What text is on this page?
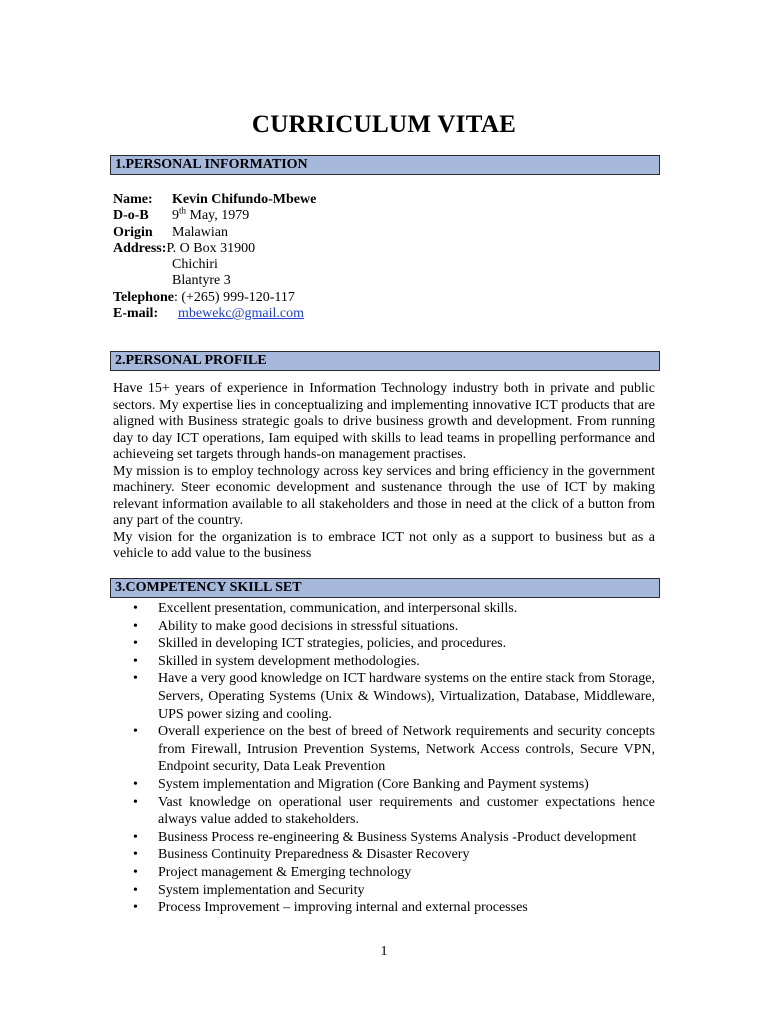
CURRICULUM VITAE
1.PERSONAL INFORMATION
Name: Kevin Chifundo-Mbewe
D-o-B 9th May, 1979
Origin Malawian
Address:P. O Box 31900
Chichiri
Blantyre 3
Telephone: (+265) 999-120-117
E-mail: mbewekc@gmail.com
2.PERSONAL PROFILE

Have 15+ years of experience in Information Technology industry both in private and public sectors. My expertise lies in conceptualizing and implementing innovative ICT products that are aligned with Business strategic goals to drive business growth and development. From running day to day ICT operations, Iam equiped with skills to lead teams in propelling performance and achieveing set targets through hands-on management practises.

My mission is to employ technology across key services and bring efficiency in the government machinery. Steer economic development and sustenance through the use of ICT by making relevant information available to all stakeholders and those in need at the click of a button from any part of the country.

My vision for the organization is to embrace ICT not only as a support to business but as a vehicle to add value to the business

3.COMPETENCY SKILL SET
• Excellent presentation, communication, and interpersonal skills.
• Ability to make good decisions in stressful situations.
• Skilled in developing ICT strategies, policies, and procedures.
• Skilled in system development methodologies.
• Have a very good knowledge on ICT hardware systems on the entire stack from Storage, Servers, Operating Systems (Unix & Windows), Virtualization, Database, Middleware, UPS power sizing and cooling.
• Overall experience on the best of breed of Network requirements and security concepts from Firewall, Intrusion Prevention Systems, Network Access controls, Secure VPN, Endpoint security, Data Leak Prevention
• System implementation and Migration (Core Banking and Payment systems)
• Vast knowledge on operational user requirements and customer expectations hence always value added to stakeholders.
• Business Process re-engineering & Business Systems Analysis -Product development
• Business Continuity Preparedness & Disaster Recovery
• Project management & Emerging technology
• System implementation and Security
• Process Improvement – improving internal and external processes
1
